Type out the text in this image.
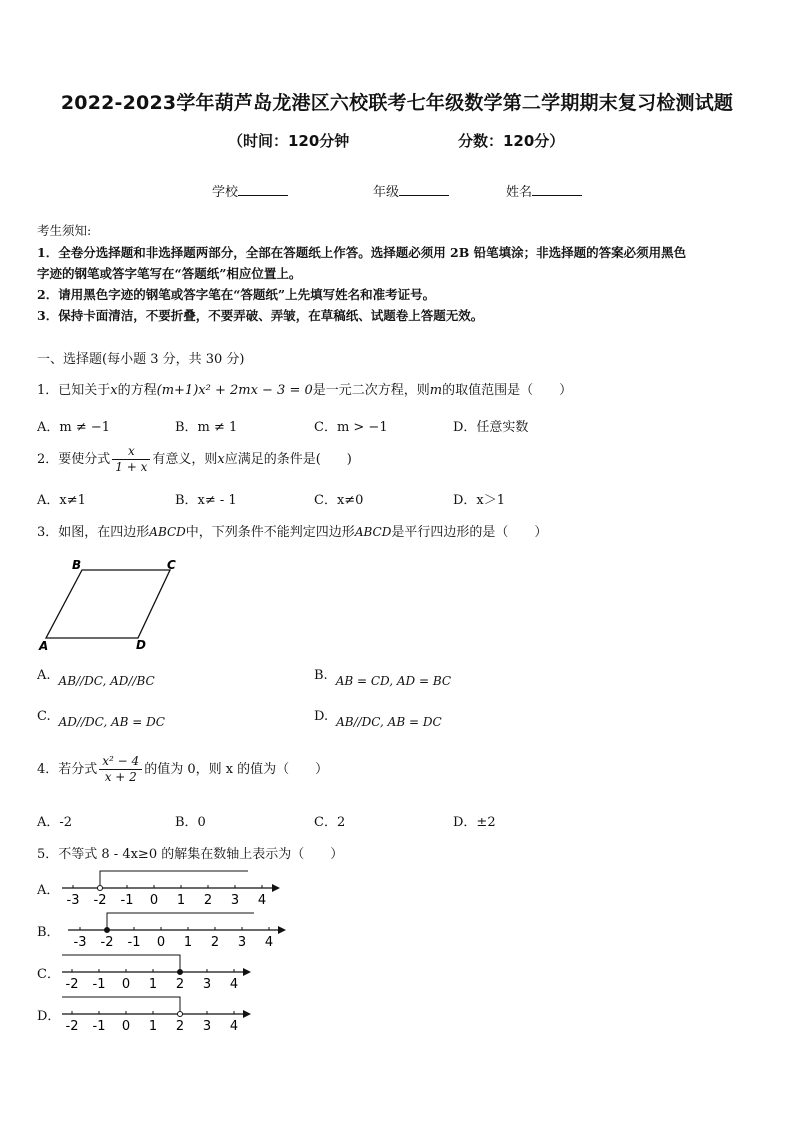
2022-2023学年葫芦岛龙港区六校联考七年级数学第二学期期末复习检测试题
（时间：120分钟	分数：120分）
学校	年级	姓名
考生须知:
1．全卷分选择题和非选择题两部分，全部在答题纸上作答。选择题必须用 2B 铅笔填涂；非选择题的答案必须用黑色
字迹的钢笔或答字笔写在“答题纸”相应位置上。
2．请用黑色字迹的钢笔或答字笔在“答题纸”上先填写姓名和准考证号。
3．保持卡面清洁，不要折叠，不要弄破、弄皱，在草稿纸、试题卷上答题无效。
一、选择题(每小题 3 分，共 30 分)
1．已知关于x的方程(m+1)x² + 2mx − 3 = 0是一元二次方程，则m的取值范围是（　　）
A．m ≠ −1	B．m ≠ 1	C．m > −1	D．任意实数
2．要使分式 $\frac{x}{1 + x}$ 有意义，则x应满足的条件是(　　)
A．x≠1	B．x≠ - 1	C．x≠0	D．x＞1
3．如图，在四边形ABCD中，下列条件不能判定四边形ABCD是平行四边形的是（　　）
B	C
A	D
A. AB//DC, AD//BC	B. AB = CD, AD = BC
C. AD//DC, AB = DC	D. AB//DC, AB = DC
4．若分式 $\frac{\text{x² − 4}}{x + 2}$ 的值为 0，则 x 的值为（　　）
A．-2	B．0	C．2	D．±2
5．不等式 8 - 4x≥0 的解集在数轴上表示为（　　）
A．
-3 -2 -1 0 1 2 3 4
B．
-3 -2 -1 0 1 2 3 4
C．
-2 -1 0 1 2 3 4
D．
-2 -1 0 1 2 3 4
